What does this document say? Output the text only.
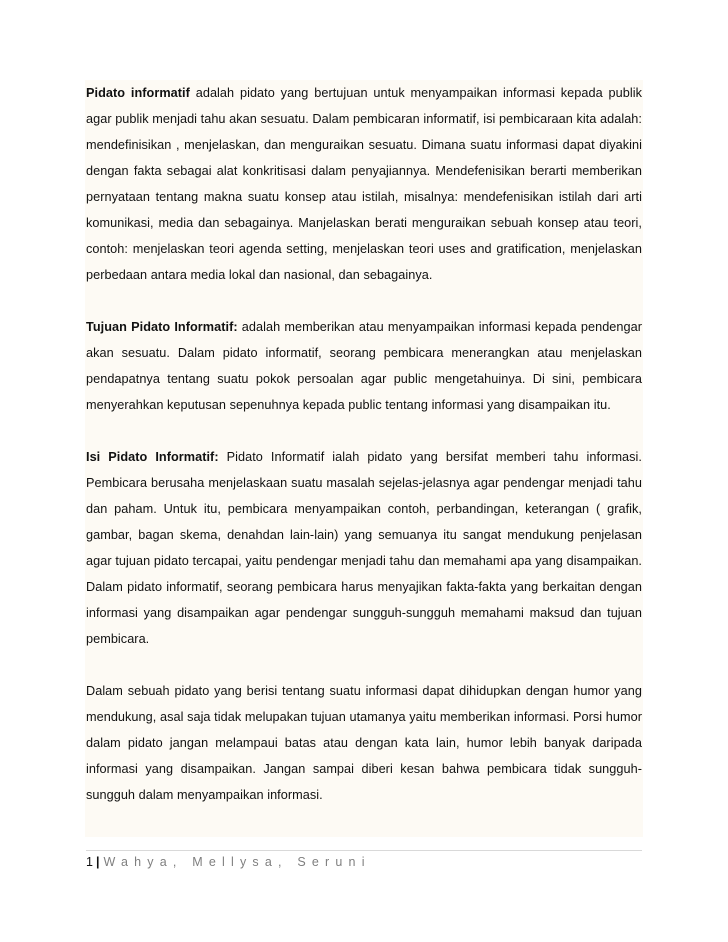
Pidato informatif adalah pidato yang bertujuan untuk menyampaikan informasi kepada publik agar publik menjadi tahu akan sesuatu. Dalam pembicaran informatif, isi pembicaraan kita adalah: mendefinisikan , menjelaskan, dan menguraikan sesuatu. Dimana suatu informasi dapat diyakini dengan fakta sebagai alat konkritisasi dalam penyajiannya. Mendefenisikan berarti memberikan pernyataan tentang makna suatu konsep atau istilah, misalnya: mendefenisikan istilah dari arti komunikasi, media dan sebagainya. Manjelaskan berati menguraikan sebuah konsep atau teori, contoh: menjelaskan teori agenda setting, menjelaskan teori uses and gratification, menjelaskan perbedaan antara media lokal dan nasional, dan sebagainya.

Tujuan Pidato Informatif: adalah memberikan atau menyampaikan informasi kepada pendengar akan sesuatu. Dalam pidato informatif, seorang pembicara menerangkan atau menjelaskan pendapatnya tentang suatu pokok persoalan agar public mengetahuinya. Di sini, pembicara menyerahkan keputusan sepenuhnya kepada public tentang informasi yang disampaikan itu.

Isi Pidato Informatif: Pidato Informatif ialah pidato yang bersifat memberi tahu informasi. Pembicara berusaha menjelaskaan suatu masalah sejelas-jelasnya agar pendengar menjadi tahu dan paham. Untuk itu, pembicara menyampaikan contoh, perbandingan, keterangan ( grafik, gambar, bagan skema, denahdan lain-lain) yang semuanya itu sangat mendukung penjelasan agar tujuan pidato tercapai, yaitu pendengar menjadi tahu dan memahami apa yang disampaikan. Dalam pidato informatif, seorang pembicara harus menyajikan fakta-fakta yang berkaitan dengan informasi yang disampaikan agar pendengar sungguh-sungguh memahami maksud dan tujuan pembicara.

Dalam sebuah pidato yang berisi tentang suatu informasi dapat dihidupkan dengan humor yang mendukung, asal saja tidak melupakan tujuan utamanya yaitu memberikan informasi. Porsi humor dalam pidato jangan melampaui batas atau dengan kata lain, humor lebih banyak daripada informasi yang disampaikan. Jangan sampai diberi kesan bahwa pembicara tidak sungguh-sungguh dalam menyampaikan informasi.

1 | Wahya, Mellysa, Seruni
